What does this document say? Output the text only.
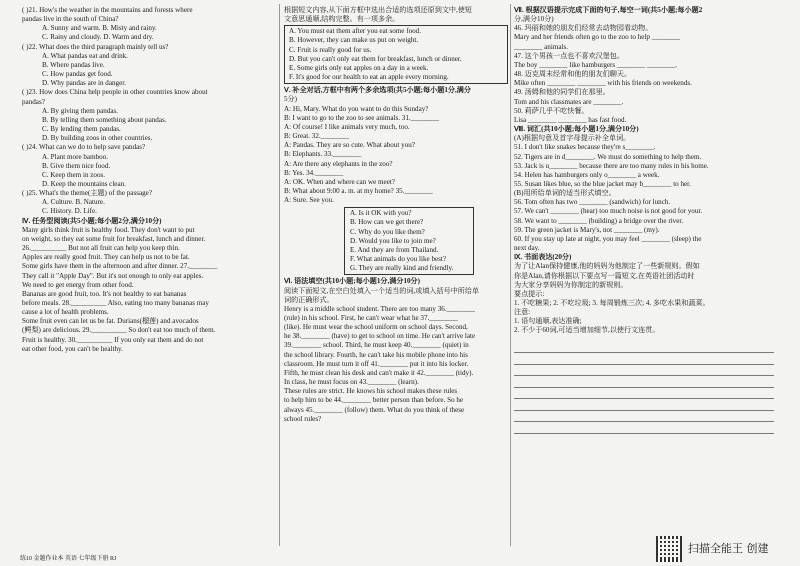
( )21. How's the weather in the mountains and forests where
pandas live in the south of China?
A. Sunny and warm. B. Misty and rainy.
C. Rainy and cloudy. D. Warm and dry.
( )22. What does the third paragraph mainly tell us?
A. What pandas eat and drink.
B. Where pandas live.
C. How pandas get food.
D. Why pandas are in danger.
( )23. How does China help people in other countries know about
pandas?
A. By giving them pandas.
B. By telling them something about pandas.
C. By lending them pandas.
D. By building zoos in other countries.
( )24. What can we do to help save pandas?
A. Plant more bamboo.
B. Give them nice food.
C. Keep them in zoos.
D. Keep the mountains clean.
( )25. What's the theme(主题) of the passage?
A. Culture. B. Nature.
C. History. D. Life.
Ⅳ. 任务型阅读(共5小题;每小题2分,满分10分)
Many girls think fruit is healthy food. They don't want to put
on weight, so they eat some fruit for breakfast, lunch and dinner.
26.__________ But not all fruit can help you keep thin.
Apples are really good fruit. They can help us not to be fat.
Some girls have them in the afternoon and after dinner. 27.________
They call it "Apple Day". But it's not enough to only eat apples.
We need to get energy from other food.
Bananas are good fruit, too. It's not healthy to eat bananas
before meals. 28.__________ Also, eating too many bananas may
cause a lot of health problems.
Some fruit even can let us be fat. Durians(榴莲) and avocados
(鳄梨) are delicious. 29.__________ So don't eat too much of them.
Fruit is healthy. 30.__________ If you only eat them and do not
eat other food, you can't be healthy.
根据短文内容,从下面方框中选出合适的选项还原到文中,使短
文意思通顺,结构完整。有一项多余。
A. You must eat them after you eat some food.
B. However, they can make us put on weight.
C. Fruit is really good for us.
D. But you can't only eat them for breakfast, lunch or dinner.
E. Some girls only eat apples on a day in a week.
F. It's good for our health to eat an apple every morning.
Ⅴ. 补全对话,方框中有两个多余选项(共5小题;每小题1分,满分
5分)
A: Hi, Mary. What do you want to do this Sunday?
B: I want to go to the zoo to see animals. 31.________
A: Of course! I like animals very much, too.
B: Great. 32.________
A: Pandas. They are so cute. What about you?
B: Elephants. 33.________
A: Are there any elephants in the zoo?
B: Yes. 34.________
A: OK. When and where can we meet?
B: What about 9:00 a. m. at my home? 35.________
A: Sure. See you.
A. Is it OK with you?
B. How can we get there?
C. Why do you like them?
D. Would you like to join me?
E. And they are from Thailand.
F. What animals do you like best?
G. They are really kind and friendly.
Ⅵ. 语法填空(共10小题;每小题1分,满分10分)
阅读下面短文,在空白处填入一个适当的词,或填入括号中所给单
词的正确形式。
Henry is a middle school student. There are too many 36.________
(rule) in his school. First, he can't wear what he 37.________
(like). He must wear the school uniform on school days. Second,
he 38.________ (have) to get to school on time. He can't arrive late
39.________ school. Third, he must keep 40.________ (quiet) in
the school library. Fourth, he can't take his mobile phone into his
classroom. He must turn it off 41.________ put it into his locker.
Fifth, he must clean his desk and can't make it 42.________ (tidy).
In class, he must focus on 43.________ (learn).
These rules are strict. He knows his school makes these rules
to help him to be 44.________ better person than before. So he
always 45.________ (follow) them. What do you think of these
school rules?
Ⅶ. 根据汉语提示完成下面的句子,每空一词(共5小题;每小题2
分,满分10分)
46. 玛丽和她的朋友们经常去动物园看动物。
Mary and her friends often go to the zoo to help ________
________ animals.
47. 这个男孩一点也不喜欢汉堡包。
The boy ________ like hamburgers ________ ________.
48. 迈克周末经常和他的朋友们聊天。
Mike often ________ ________ with his friends on weekends.
49. 汤姆和他的同学们在那里。
Tom and his classmates are ________.
50. 莉萨几乎不吃快餐。
Lisa ________ ________ has fast food.
Ⅷ. 词汇(共10小题;每小题1分,满分10分)
(A)根据句意及首字母提示补全单词。
51. I don't like snakes because they're s________.
52. Tigers are in d________. We must do something to help them.
53. Jack is u________ because there are too many rules in his home.
54. Helen has hamburgers only o________ a week.
55. Susan likes blue, so the blue jacket may b________ to her.
(B)用所给单词的适当形式填空。
56. Tom often has two ________ (sandwich) for lunch.
57. We can't ________ (hear) too much noise is not good for your.
58. We want to ________ (building) a bridge over the river.
59. The green jacket is Mary's, not ________ (my).
60. If you stay up late at night, you may feel ________ (sleep) the
next day.
Ⅸ. 书面表达(20分)
为了让Alan保持健康,他的妈妈为他制定了一些新规则。假如
你是Alan,请你根据以下要点写一篇短文,在英语社团活动时
为大家分享妈妈为你制定的新规则。
要点提示:
1. 不吃糖果; 2. 不吃垃圾; 3. 每周锻炼三次; 4. 多吃水果和蔬菜。
注意:
1. 语句通顺,表达准确;
2. 不少于60词,可适当增加细节,以使行文连贯。
练10 金题作业本 英语 七年级下册 RJ
扫描全能王 创建
